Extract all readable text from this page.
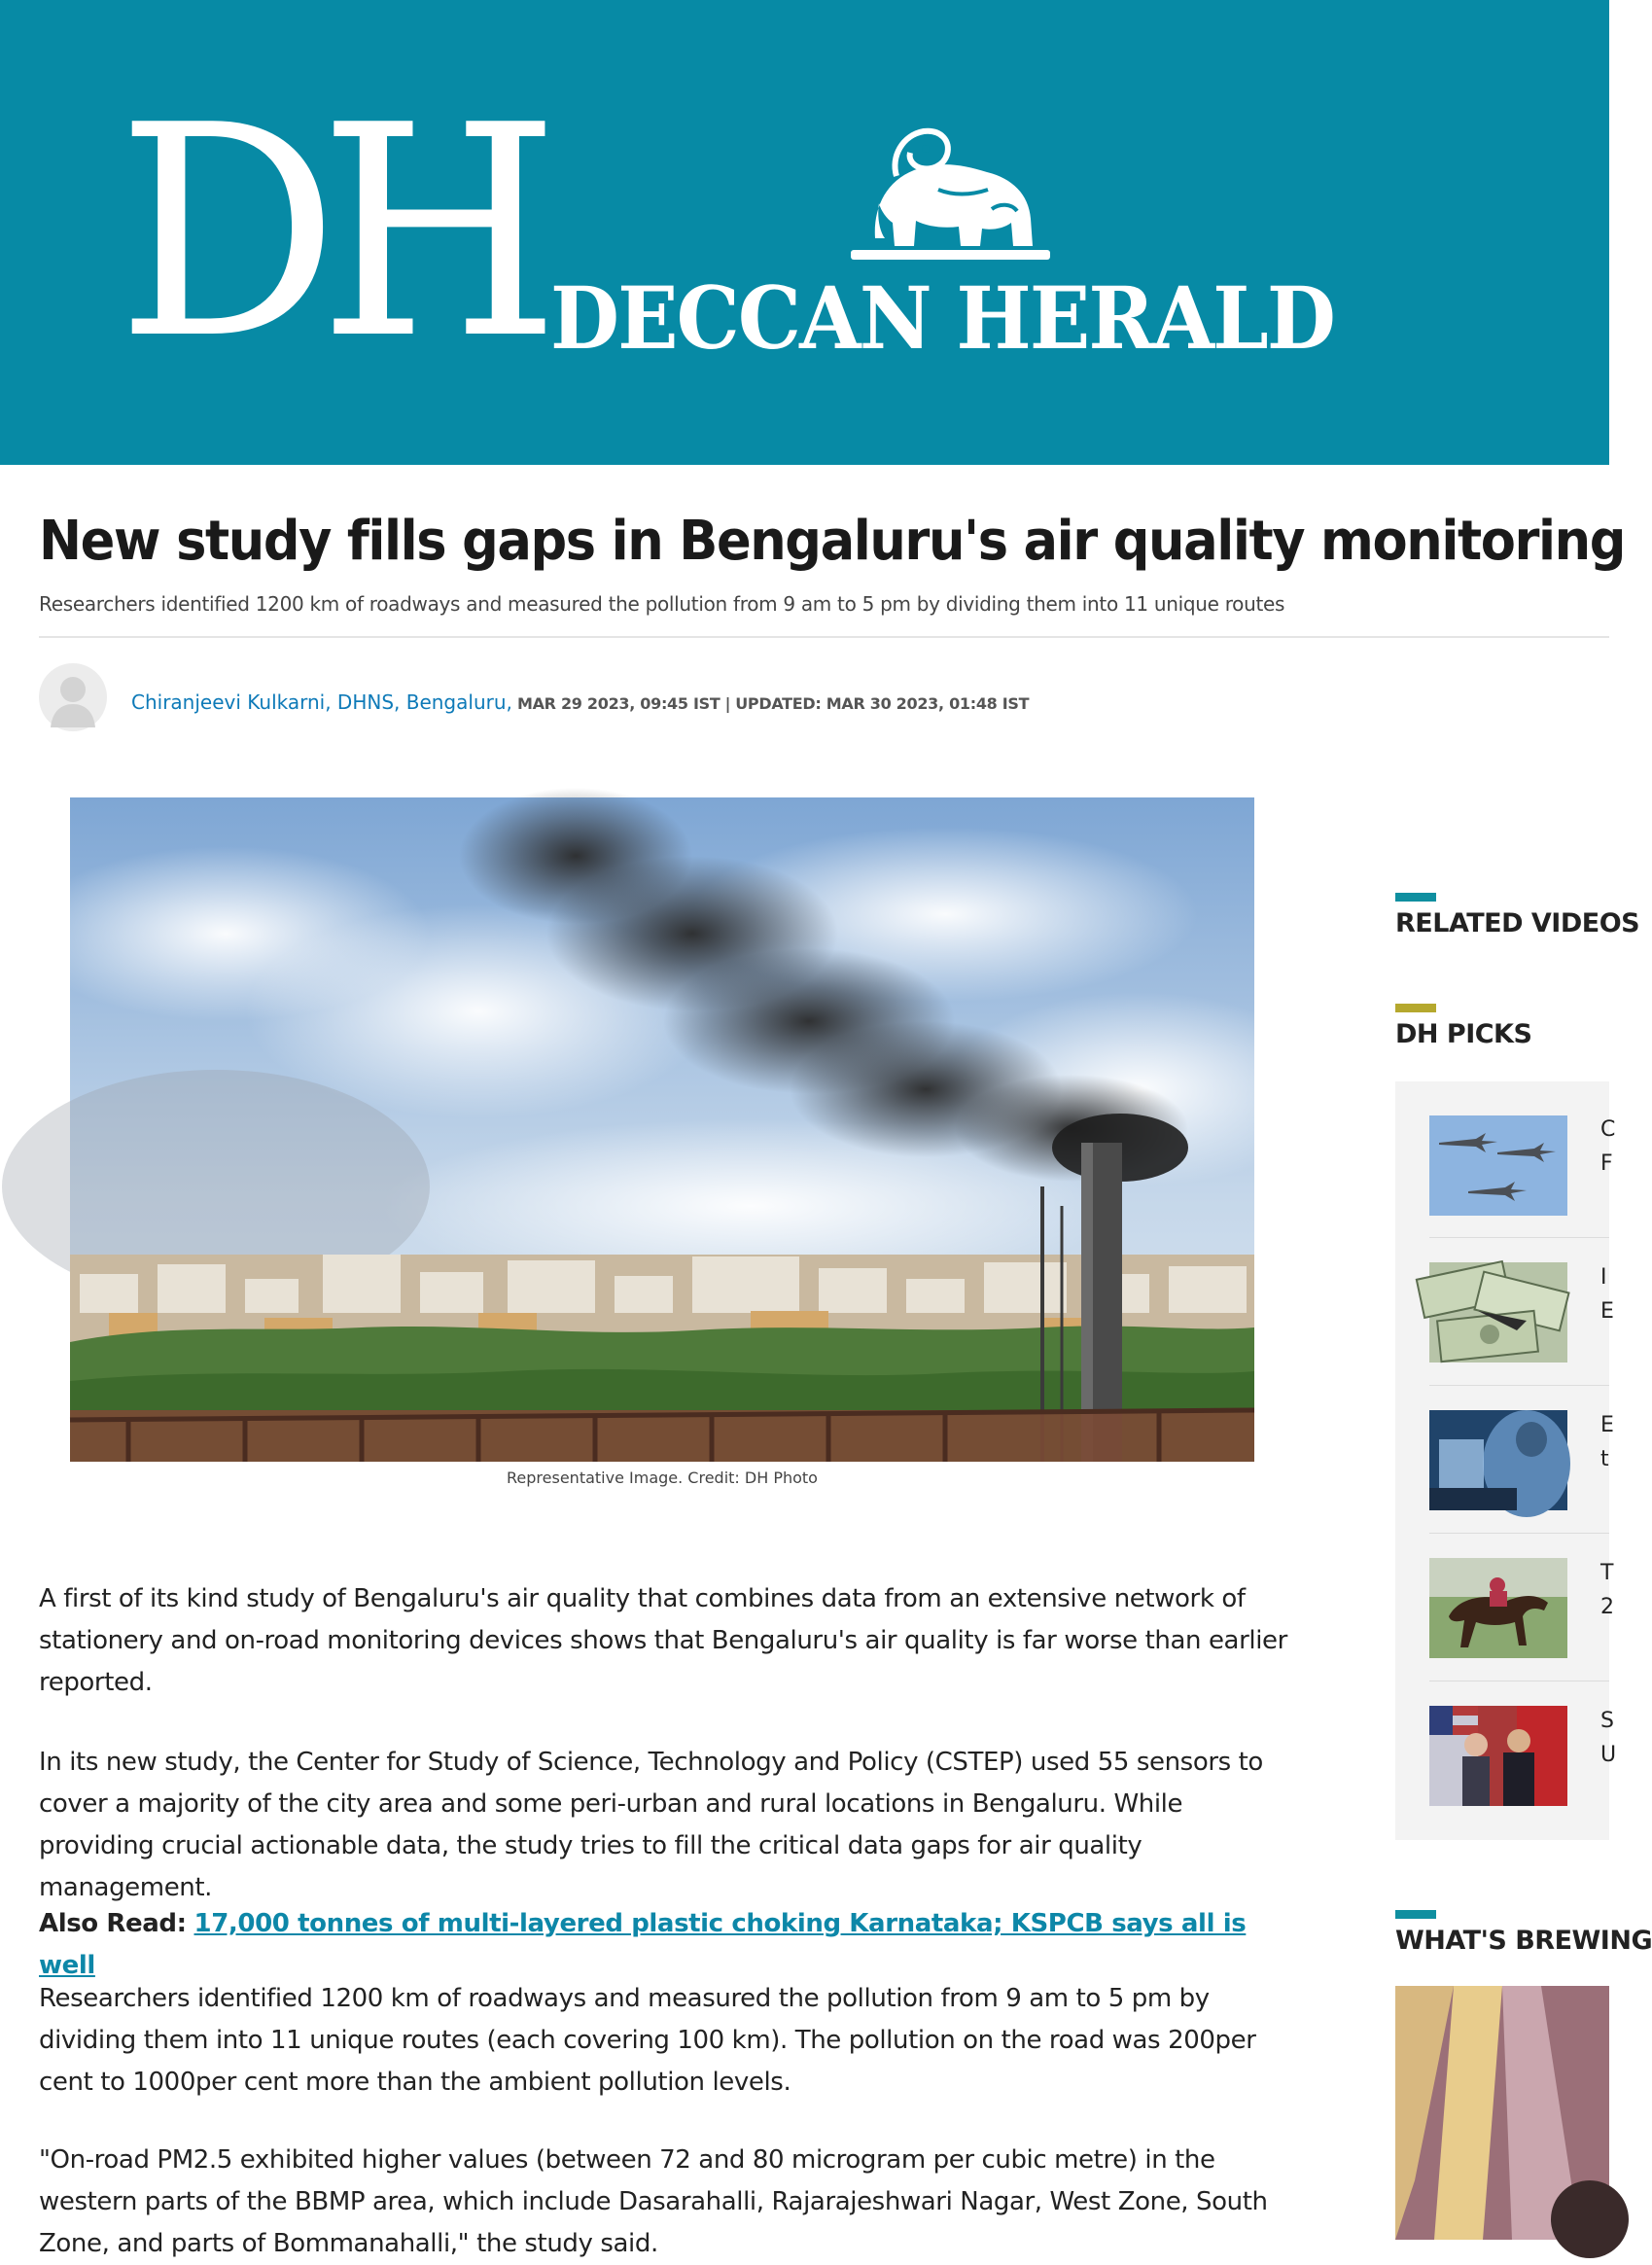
DH DECCAN HERALD
New study fills gaps in Bengaluru's air quality monitoring
Researchers identified 1200 km of roadways and measured the pollution from 9 am to 5 pm by dividing them into 11 unique routes
Chiranjeevi Kulkarni, DHNS, Bengaluru, MAR 29 2023, 09:45 IST | UPDATED: MAR 30 2023, 01:48 IST
Representative Image. Credit: DH Photo

A first of its kind study of Bengaluru's air quality that combines data from an extensive network of stationery and on-road monitoring devices shows that Bengaluru's air quality is far worse than earlier reported.

In its new study, the Center for Study of Science, Technology and Policy (CSTEP) used 55 sensors to cover a majority of the city area and some peri-urban and rural locations in Bengaluru. While providing crucial actionable data, the study tries to fill the critical data gaps for air quality management.

Also Read: 17,000 tonnes of multi-layered plastic choking Karnataka; KSPCB says all is well

Researchers identified 1200 km of roadways and measured the pollution from 9 am to 5 pm by dividing them into 11 unique routes (each covering 100 km). The pollution on the road was 200per cent to 1000per cent more than the ambient pollution levels.

"On-road PM2.5 exhibited higher values (between 72 and 80 microgram per cubic metre) in the western parts of the BBMP area, which include Dasarahalli, Rajarajeshwari Nagar, West Zone, South Zone, and parts of Bommanahalli," the study said.

RELATED VIDEOS
DH PICKS
C
F
I
E
E
t
T
2
S
U
WHAT'S BREWING
